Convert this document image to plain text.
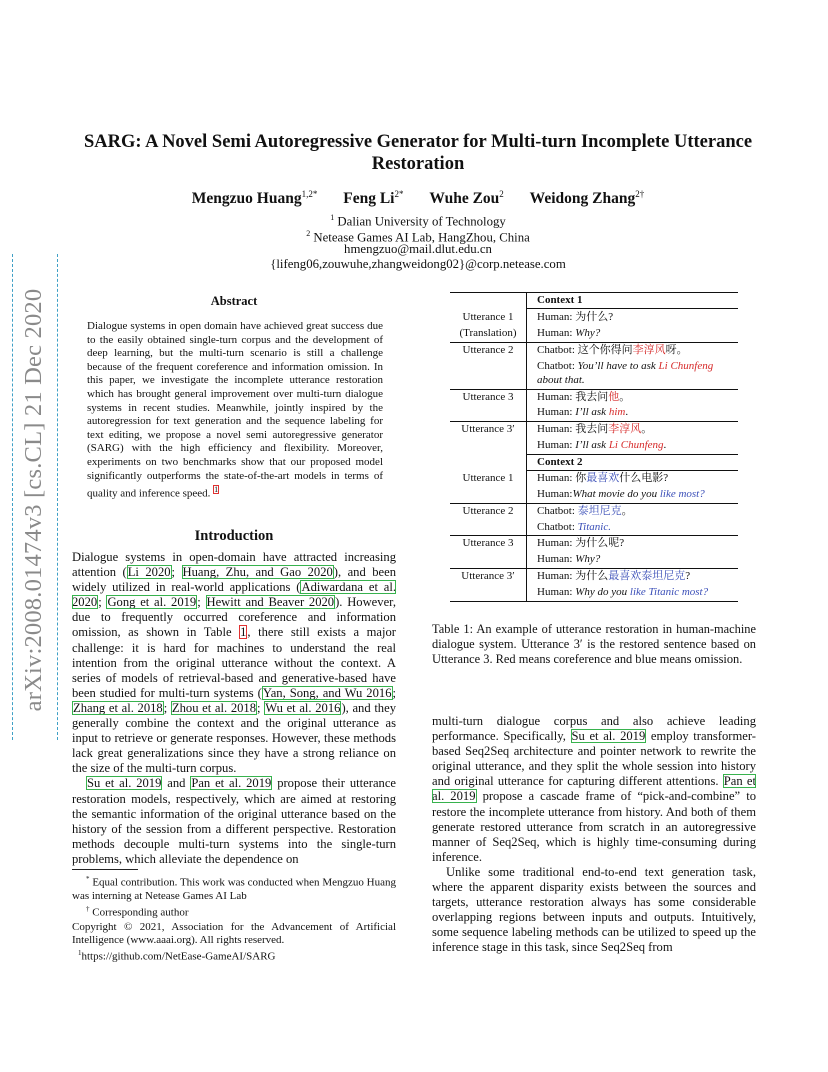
arXiv:2008.01474v3 [cs.CL] 21 Dec 2020
SARG: A Novel Semi Autoregressive Generator for Multi-turn Incomplete Utterance Restoration
Mengzuo Huang$^{1,2*}$ Feng $Li^{2*}$ Wuhe Zou$^2$ Weidong Zhang$^{2\dagger}$
$^1$ Dalian University of Technology
$^2$ Netease Games AI Lab, HangZhou, China
hmengzuo@mail.dlut.edu.cn
{lifeng06,zouwuhe,zhangweidong02}@corp.netease.com
Abstract
Dialogue systems in open domain have achieved great success due to the easily obtained single-turn corpus and the development of deep learning, but the multi-turn scenario is still a challenge because of the frequent coreference and information omission. In this paper, we investigate the incomplete utterance restoration which has brought general improvement over multi-turn dialogue systems in recent studies. Meanwhile, jointly inspired by the autoregression for text generation and the sequence labeling for text editing, we propose a novel semi autoregressive generator (SARG) with the high efficiency and flexibility. Moreover, experiments on two benchmarks show that our proposed model significantly outperforms the state-of-the-art models in terms of quality and inference speed. $^1$
Introduction

Dialogue systems in open-domain have attracted increasing attention (Li 2020; Huang, Zhu, and Gao 2020), and been widely utilized in real-world applications (Adiwardana et al. 2020; Gong et al. 2019; Hewitt and Beaver 2020). However, due to frequently occurred coreference and information omission, as shown in Table 1, there still exists a major challenge: it is hard for machines to understand the real intention from the original utterance without the context. A series of models of retrieval-based and generative-based have been studied for multi-turn systems (Yan, Song, and Wu 2016; Zhang et al. 2018; Zhou et al. 2018; Wu et al. 2016), and they generally combine the context and the original utterance as input to retrieve or generate responses. However, these methods lack great generalizations since they have a strong reliance on the size of the multi-turn corpus.

Su et al. 2019 and Pan et al. 2019 propose their utterance restoration models, respectively, which are aimed at restoring the semantic information of the original utterance based on the history of the session from a different perspective. Restoration methods decouple multi-turn systems into the single-turn problems, which alleviate the dependence on

* Equal contribution. This work was conducted when Mengzuo Huang was interning at Netease Games AI Lab
† Corresponding author
Copyright © 2021, Association for the Advancement of Artificial Intelligence (www.aaai.org). All rights reserved.
$^1$https://github.com/NetEase-GameAI/SARG
Context 1
Utterance 1	Human: 为什么?
(Translation)	Human: Why?
Utterance 2	Chatbot: 这个你得问李淳风呀。
Chatbot: You’ll have to ask Li Chunfeng
about that.
Utterance 3	Human: 我去问他。
Human: I’ll ask him.
Utterance 3′	Human: 我去问李淳风。
Human: I’ll ask Li Chunfeng.
Context 2
Utterance 1	Human: 你最喜欢什么电影?
Human:What movie do you like most?
Utterance 2	Chatbot: 泰坦尼克。
Chatbot: Titanic.
Utterance 3	Human: 为什么呢?
Human: Why?
Utterance 3′	Human: 为什么最喜欢泰坦尼克?
Human: Why do you like Titanic most?
Table 1: An example of utterance restoration in human-machine dialogue system. Utterance 3′ is the restored sentence based on Utterance 3. Red means coreference and blue means omission.

multi-turn dialogue corpus and also achieve leading performance. Specifically, Su et al. 2019 employ transformer-based Seq2Seq architecture and pointer network to rewrite the original utterance, and they split the whole session into history and original utterance for capturing different attentions. Pan et al. 2019 propose a cascade frame of “pick-and-combine” to restore the incomplete utterance from history. And both of them generate restored utterance from scratch in an autoregressive manner of Seq2Seq, which is highly time-consuming during inference.

Unlike some traditional end-to-end text generation task, where the apparent disparity exists between the sources and targets, utterance restoration always has some considerable overlapping regions between inputs and outputs. Intuitively, some sequence labeling methods can be utilized to speed up the inference stage in this task, since Seq2Seq from
